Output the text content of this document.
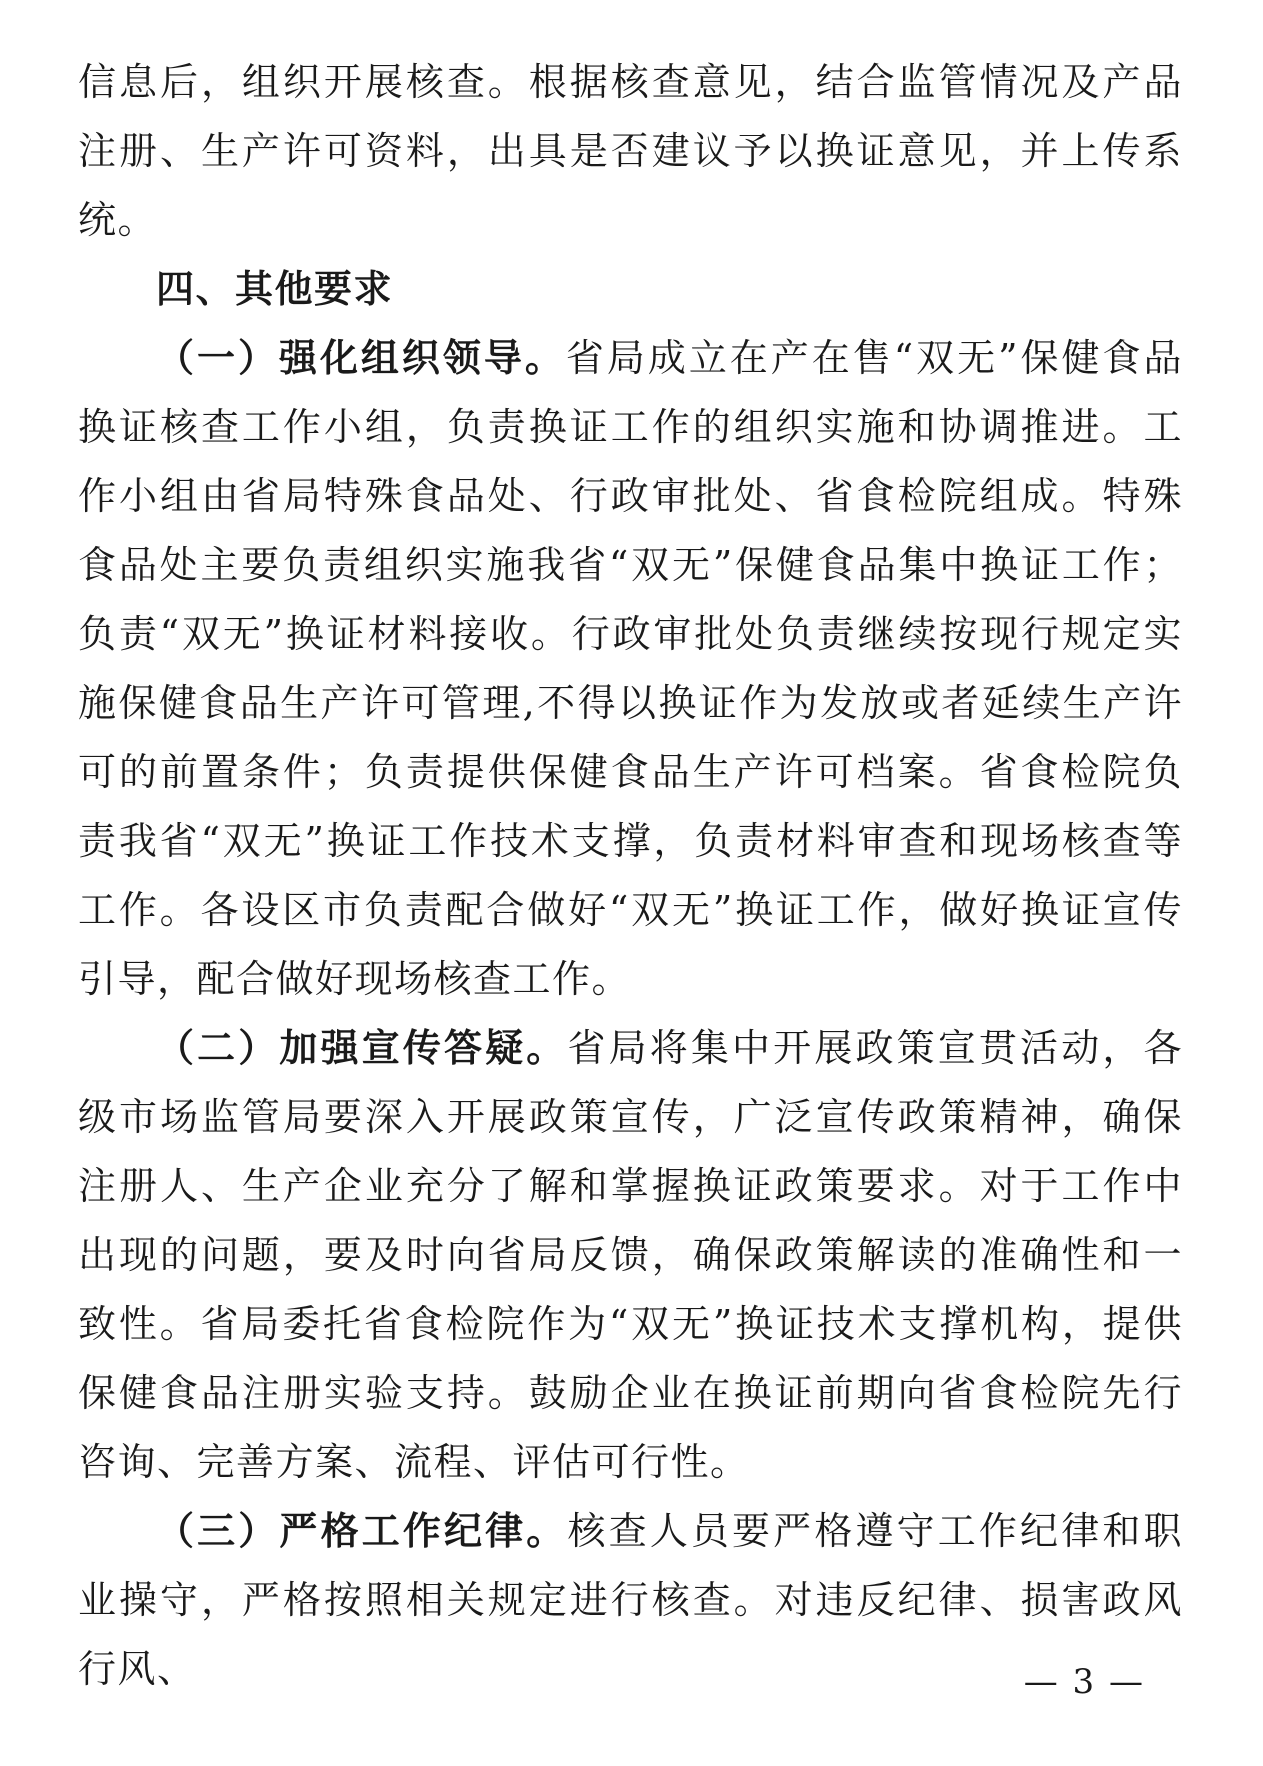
信息后，组织开展核查。根据核查意见，结合监管情况及产品注册、生产许可资料，出具是否建议予以换证意见，并上传系统。

四、其他要求

（一）强化组织领导。省局成立在产在售“双无”保健食品换证核查工作小组，负责换证工作的组织实施和协调推进。工作小组由省局特殊食品处、行政审批处、省食检院组成。特殊食品处主要负责组织实施我省“双无”保健食品集中换证工作；负责“双无”换证材料接收。行政审批处负责继续按现行规定实施保健食品生产许可管理,不得以换证作为发放或者延续生产许可的前置条件；负责提供保健食品生产许可档案。省食检院负责我省“双无”换证工作技术支撑，负责材料审查和现场核查等工作。各设区市负责配合做好“双无”换证工作，做好换证宣传引导，配合做好现场核查工作。

（二）加强宣传答疑。省局将集中开展政策宣贯活动，各级市场监管局要深入开展政策宣传，广泛宣传政策精神，确保注册人、生产企业充分了解和掌握换证政策要求。对于工作中出现的问题，要及时向省局反馈，确保政策解读的准确性和一致性。省局委托省食检院作为“双无”换证技术支撑机构，提供保健食品注册实验支持。鼓励企业在换证前期向省食检院先行咨询、完善方案、流程、评估可行性。

（三）严格工作纪律。核查人员要严格遵守工作纪律和职业操守，严格按照相关规定进行核查。对违反纪律、损害政风行风、	— 3 —
